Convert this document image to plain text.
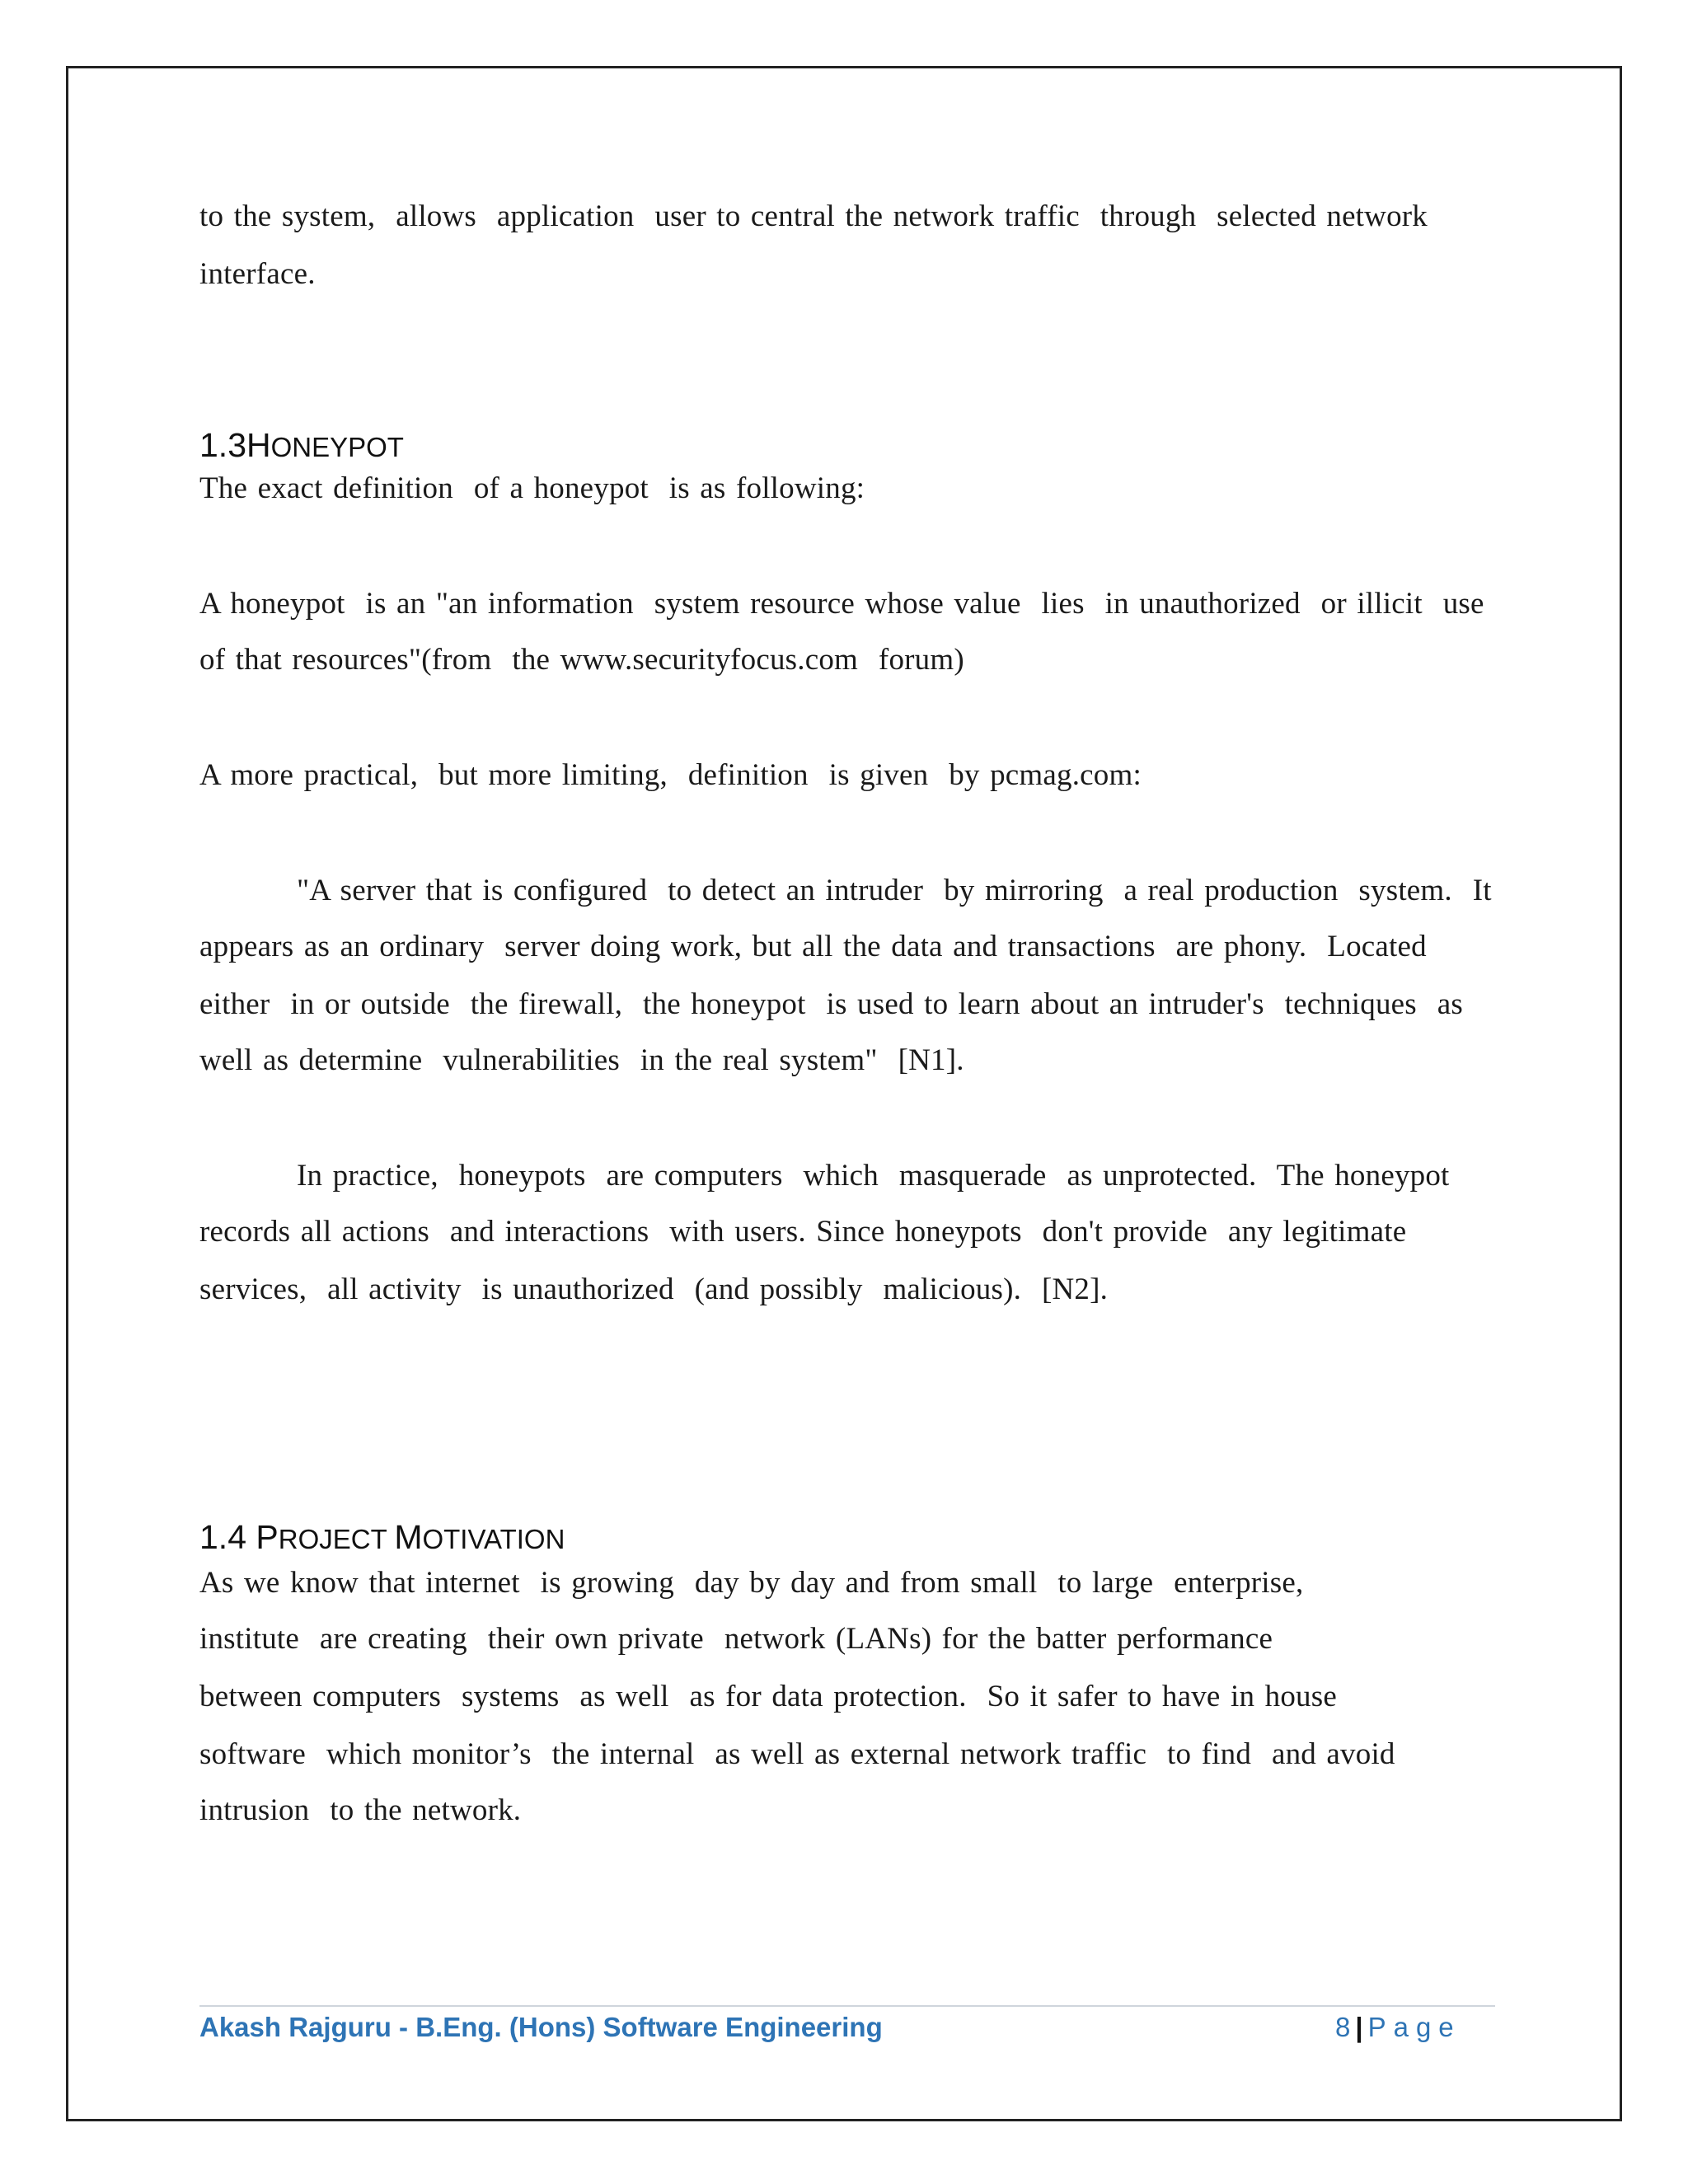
to the system,  allows  application  user to central the network traffic  through  selected network
interface.
1.3HONEYPOT
The exact definition  of a honeypot  is as following:
A honeypot  is an "an information  system resource whose value  lies  in unauthorized  or illicit  use
of that resources"(from  the www.securityfocus.com  forum)
A more practical,  but more limiting,  definition  is given  by pcmag.com:
"A server that is configured  to detect an intruder  by mirroring  a real production  system.  It
appears as an ordinary  server doing work, but all the data and transactions  are phony.  Located
either  in or outside  the firewall,  the honeypot  is used to learn about an intruder's  techniques  as
well as determine  vulnerabilities  in the real system"  [N1].
In practice,  honeypots  are computers  which  masquerade  as unprotected.  The honeypot
records all actions  and interactions  with users. Since honeypots  don't provide  any legitimate
services,  all activity  is unauthorized  (and possibly  malicious).  [N2].
1.4 PROJECT MOTIVATION
As we know that internet  is growing  day by day and from small  to large  enterprise,
institute  are creating  their own private  network (LANs) for the batter performance
between computers  systems  as well  as for data protection.  So it safer to have in house
software  which monitor’s  the internal  as well as external network traffic  to find  and avoid
intrusion  to the network.
Akash Rajguru - B.Eng. (Hons) Software Engineering	8 | Page
